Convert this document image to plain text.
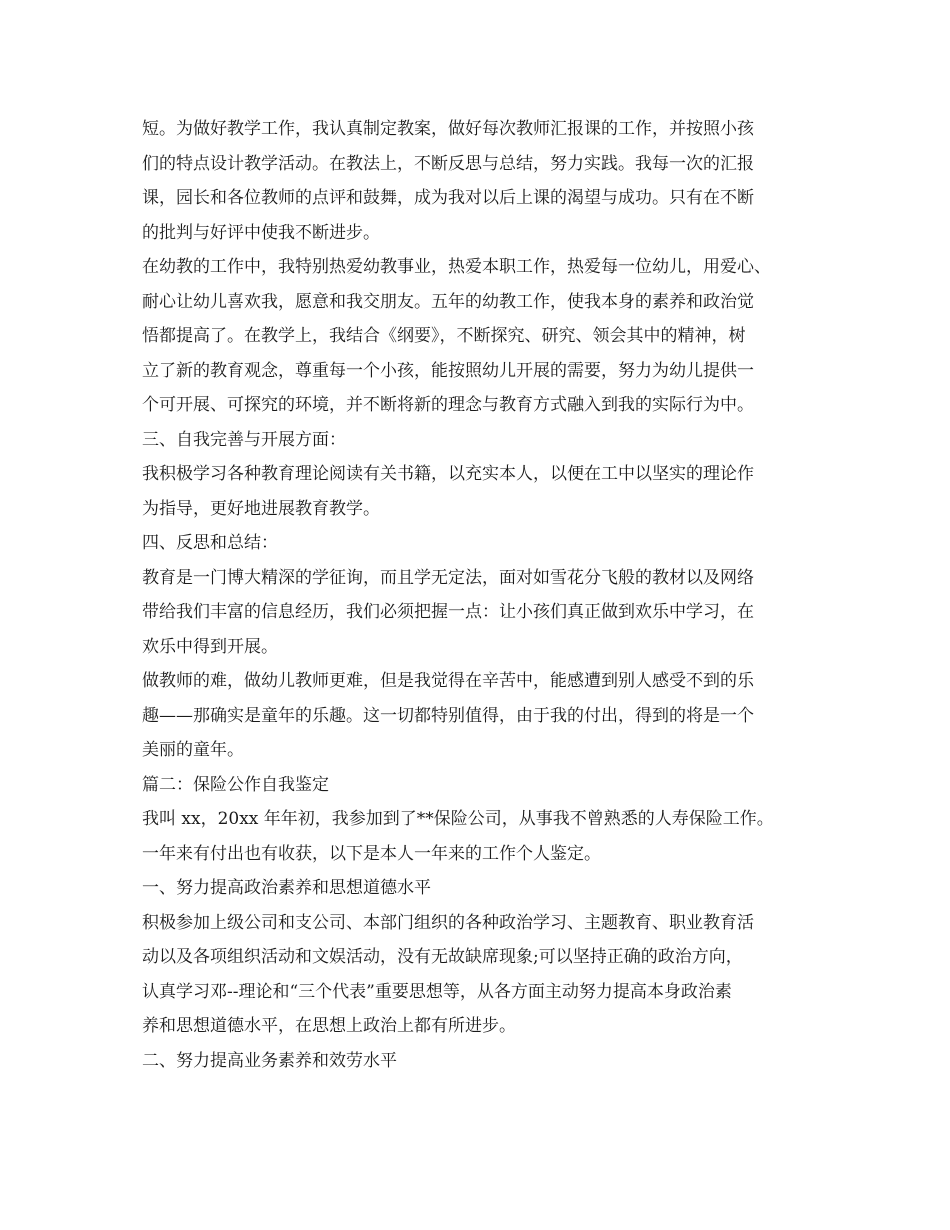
短。为做好教学工作，我认真制定教案，做好每次教师汇报课的工作，并按照小孩
们的特点设计教学活动。在教法上，不断反思与总结，努力实践。我每一次的汇报
课，园长和各位教师的点评和鼓舞，成为我对以后上课的渴望与成功。只有在不断
的批判与好评中使我不断进步。
在幼教的工作中，我特别热爱幼教事业，热爱本职工作，热爱每一位幼儿，用爱心、
耐心让幼儿喜欢我，愿意和我交朋友。五年的幼教工作，使我本身的素养和政治觉
悟都提高了。在教学上，我结合《纲要》，不断探究、研究、领会其中的精神，树
立了新的教育观念，尊重每一个小孩，能按照幼儿开展的需要，努力为幼儿提供一
个可开展、可探究的环境，并不断将新的理念与教育方式融入到我的实际行为中。
三、自我完善与开展方面：
我积极学习各种教育理论阅读有关书籍，以充实本人，以便在工中以坚实的理论作
为指导，更好地进展教育教学。
四、反思和总结：
教育是一门博大精深的学征询，而且学无定法，面对如雪花分飞般的教材以及网络
带给我们丰富的信息经历，我们必须把握一点：让小孩们真正做到欢乐中学习，在
欢乐中得到开展。
做教师的难，做幼儿教师更难，但是我觉得在辛苦中，能感遭到别人感受不到的乐
趣——那确实是童年的乐趣。这一切都特别值得，由于我的付出，得到的将是一个
美丽的童年。
篇二：保险公作自我鉴定
我叫 xx，20xx 年年初，我参加到了**保险公司，从事我不曾熟悉的人寿保险工作。
一年来有付出也有收获，以下是本人一年来的工作个人鉴定。
一、努力提高政治素养和思想道德水平
积极参加上级公司和支公司、本部门组织的各种政治学习、主题教育、职业教育活
动以及各项组织活动和文娱活动，没有无故缺席现象;可以坚持正确的政治方向，
认真学习邓--理论和“三个代表”重要思想等，从各方面主动努力提高本身政治素
养和思想道德水平，在思想上政治上都有所进步。
二、努力提高业务素养和效劳水平
